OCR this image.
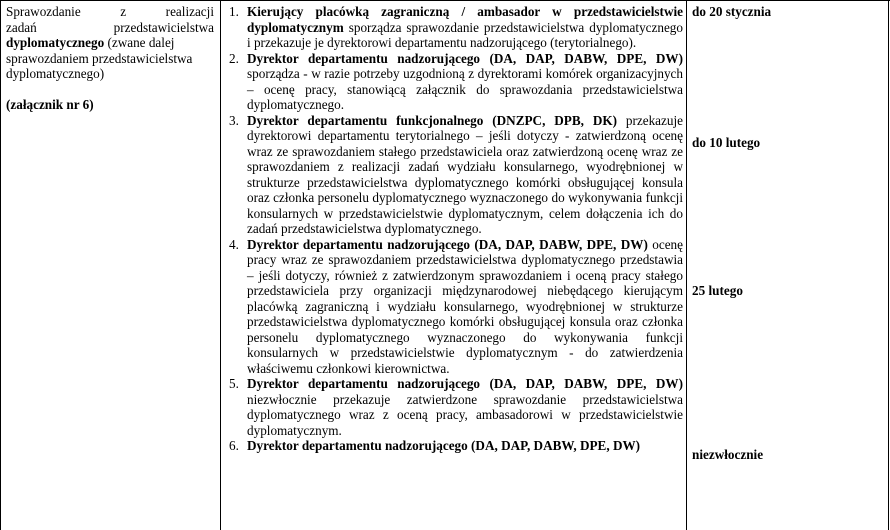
Sprawozdanie z realizacji
zadań przedstawicielstwa
dyplomatycznego (zwane dalej sprawozdaniem przedstawicielstwa dyplomatycznego)
(załącznik nr 6)
1. Kierujący placówką zagraniczną / ambasador w przedstawicielstwie dyplomatycznym sporządza sprawozdanie przedstawicielstwa dyplomatycznego i przekazuje je dyrektorowi departamentu nadzorującego (terytorialnego).
2. Dyrektor departamentu nadzorującego (DA, DAP, DABW, DPE, DW) sporządza - w razie potrzeby uzgodnioną z dyrektorami komórek organizacyjnych – ocenę pracy, stanowiącą załącznik do sprawozdania przedstawicielstwa dyplomatycznego.
3. Dyrektor departamentu funkcjonalnego (DNZPC, DPB, DK) przekazuje dyrektorowi departamentu terytorialnego – jeśli dotyczy - zatwierdzoną ocenę wraz ze sprawozdaniem stałego przedstawiciela oraz zatwierdzoną ocenę wraz ze sprawozdaniem z realizacji zadań wydziału konsularnego, wyodrębnionej w strukturze przedstawicielstwa dyplomatycznego komórki obsługującej konsula oraz członka personelu dyplomatycznego wyznaczonego do wykonywania funkcji konsularnych w przedstawicielstwie dyplomatycznym, celem dołączenia ich do zadań przedstawicielstwa dyplomatycznego.
4. Dyrektor departamentu nadzorującego (DA, DAP, DABW, DPE, DW) ocenę pracy wraz ze sprawozdaniem przedstawicielstwa dyplomatycznego przedstawia – jeśli dotyczy, również z zatwierdzonym sprawozdaniem i oceną pracy stałego przedstawiciela przy organizacji międzynarodowej niebędącego kierującym placówką zagraniczną i wydziału konsularnego, wyodrębnionej w strukturze przedstawicielstwa dyplomatycznego komórki obsługującej konsula oraz członka personelu dyplomatycznego wyznaczonego do wykonywania funkcji konsularnych w przedstawicielstwie dyplomatycznym - do zatwierdzenia właściwemu członkowi kierownictwa.
5. Dyrektor departamentu nadzorującego (DA, DAP, DABW, DPE, DW) niezwłocznie przekazuje zatwierdzone sprawozdanie przedstawicielstwa dyplomatycznego wraz z oceną pracy, ambasadorowi w przedstawicielstwie dyplomatycznym.
6. Dyrektor departamentu nadzorującego (DA, DAP, DABW, DPE, DW)
do 20 stycznia
do 10 lutego
25 lutego
niezwłocznie
